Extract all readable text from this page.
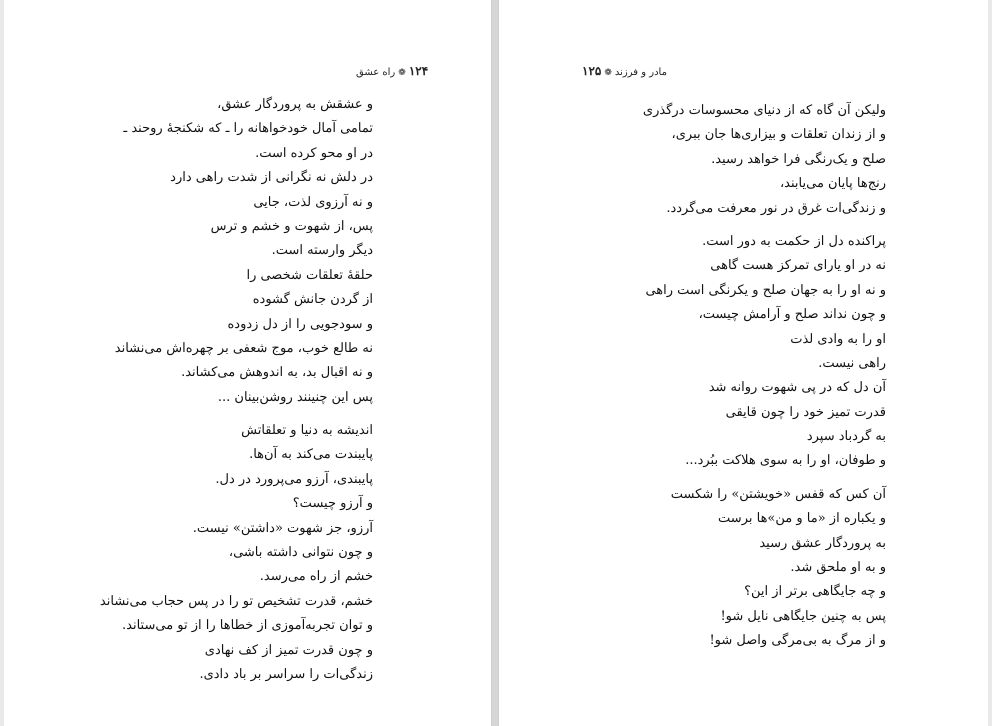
۱۲۴❁راه عشق
و عشقش به پروردگار عشق،
تمامی آمال خودخواهانه را ـ که شکنجۀ روحند ـ
در او محو کرده است.
در دلش نه نگرانی از شدت راهی دارد
و نه آرزوی لذت، جایی
پس، از شهوت و خشم و ترس
دیگر وارسته است.
حلقۀ تعلقات شخصی را
از گردن جانش گشوده
و سودجویی را از دل زدوده
نه طالع خوب، موج شعفی بر چهره‌اش می‌نشاند
و نه اقبال بد، به اندوهش می‌کشاند.
پس این چنینند روشن‌بینان ...
اندیشه به دنیا و تعلقاتش
پایبندت می‌کند به آن‌ها.
پایبندی، آرزو می‌پرورد در دل.
و آرزو چیست؟
آرزو، جز شهوت «داشتن» نیست.
و چون نتوانی داشته باشی،
خشم از راه می‌رسد.
خشم، قدرت تشخیص تو را در پس حجاب می‌نشاند
و توان تجربه‌آموزی از خطاها را از تو می‌ستاند.
و چون قدرت تمیز از کف نهادی
زندگی‌ات را سراسر بر باد دادی.
مادر و فرزند❁۱۲۵
ولیکن آن گاه که از دنیای محسوسات درگذری
و از زندان تعلقات و بیزاری‌ها جان ببری،
صلح و یک‌رنگی فرا خواهد رسید.
رنج‌ها پایان می‌یابند،
و زندگی‌ات غرق در نور معرفت می‌گردد.
پراکنده دل از حکمت به دور است.
نه در او یارای تمرکز هست گاهی
و نه او را به جهان صلح و یکرنگی است راهی
و چون نداند صلح و آرامش چیست،
او را به وادی لذت
راهی نیست.
آن دل که در پی شهوت روانه شد
قدرت تمیز خود را چون قایقی
به گردباد سپرد
و طوفان، او را به سوی هلاکت ببُرد...
آن کس که قفس «خویشتن» را شکست
و یکباره از «ما و من»ها برست
به پروردگار عشق رسید
و به او ملحق شد.
و چه جایگاهی برتر از این؟
پس به چنین جایگاهی نایل شو!
و از مرگ به بی‌مرگی واصل شو!
